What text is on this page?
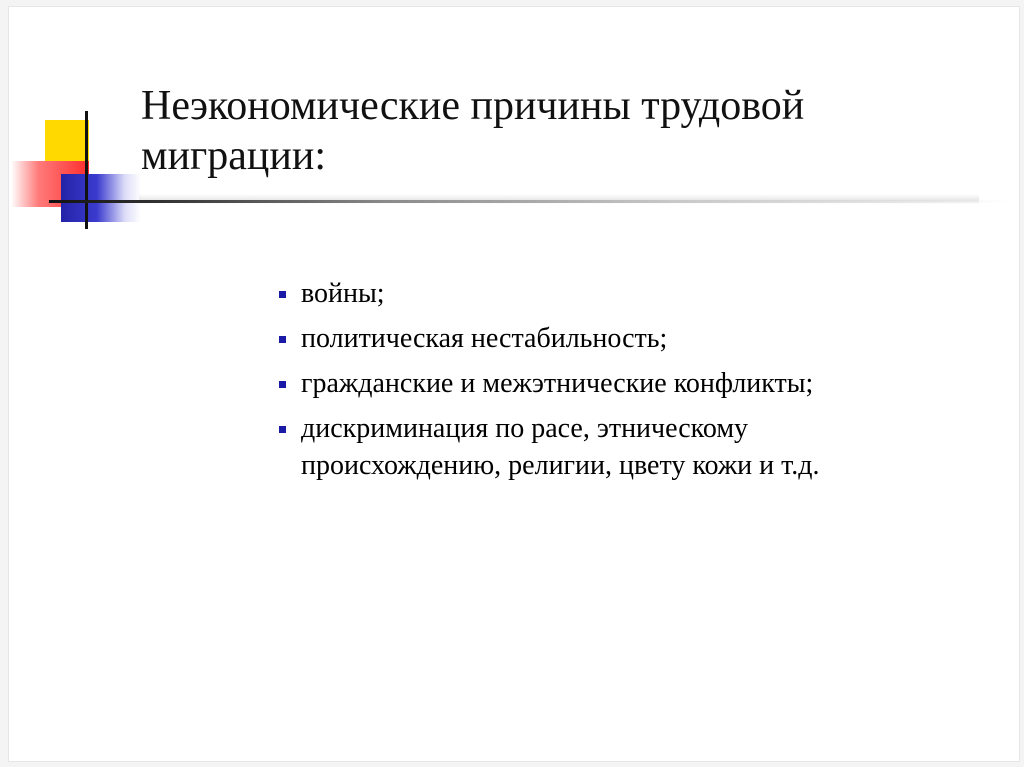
Неэкономические причины трудовой миграции:
войны;
политическая нестабильность;
гражданские и межэтнические конфликты;
дискриминация по расе, этническому происхождению, религии, цвету кожи и т.д.
